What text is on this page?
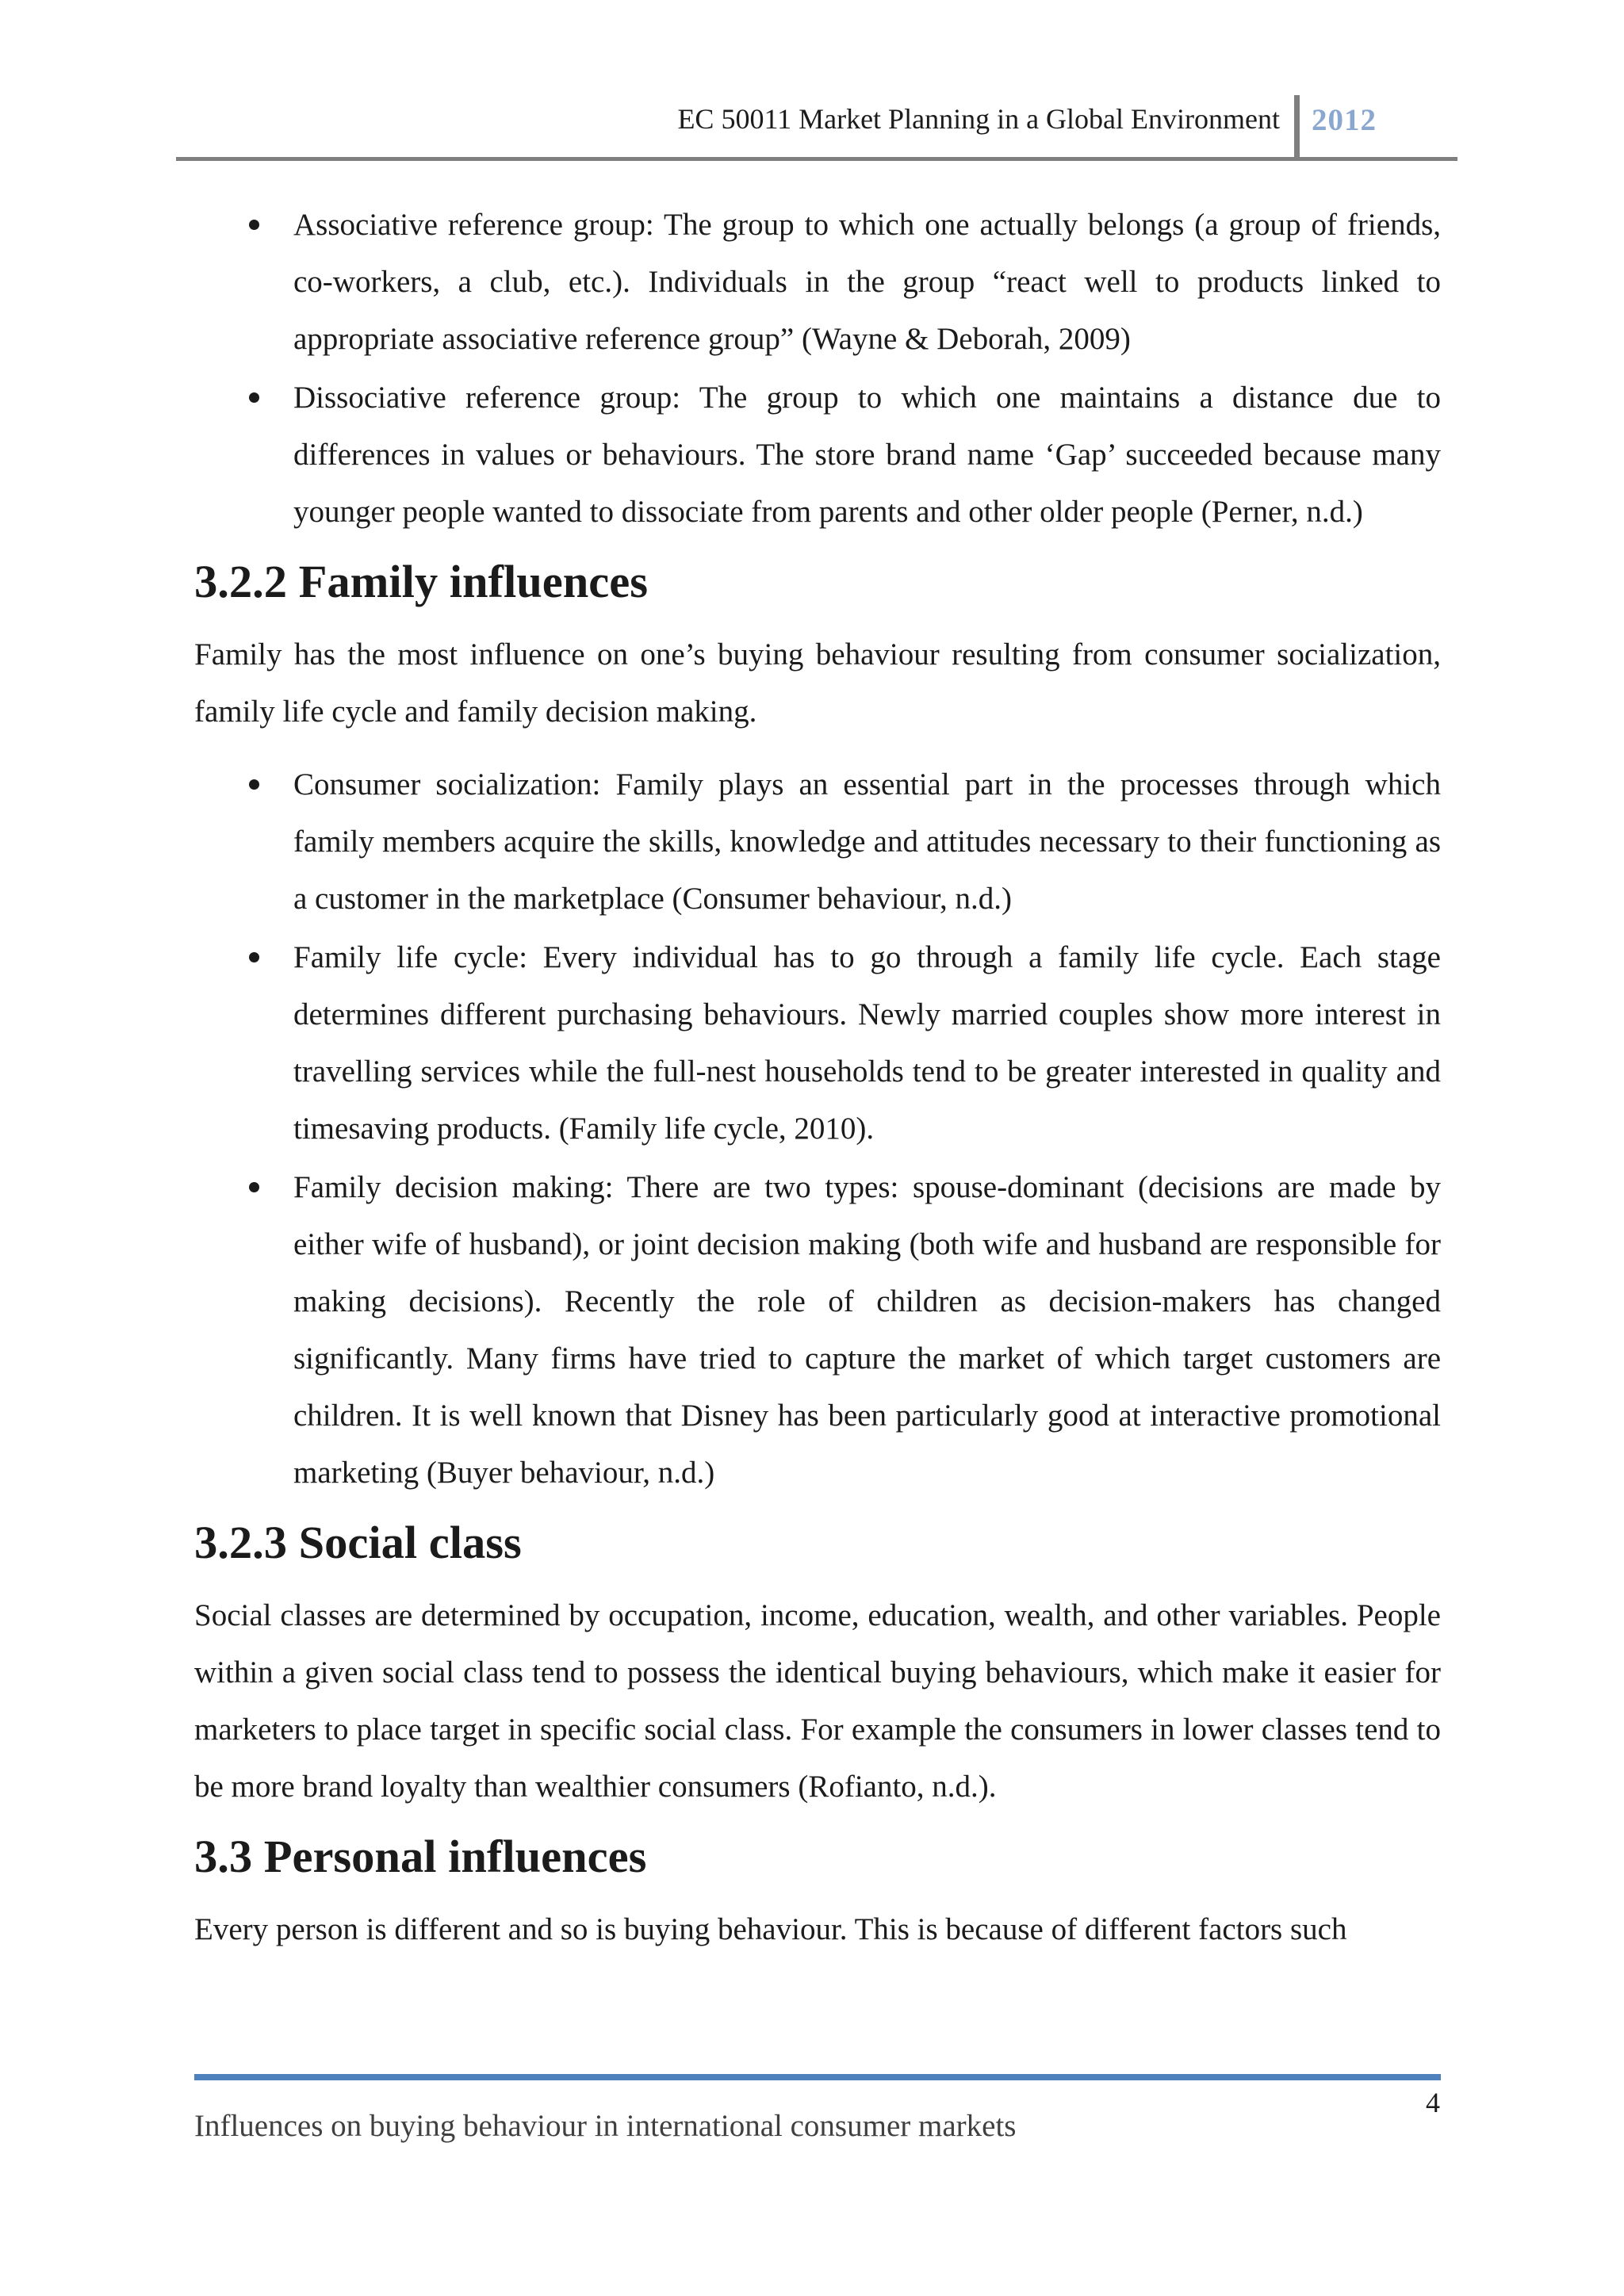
EC 50011 Market Planning in a Global Environment 2012
Associative reference group: The group to which one actually belongs (a group of friends, co-workers, a club, etc.). Individuals in the group “react well to products linked to appropriate associative reference group” (Wayne & Deborah, 2009)
Dissociative reference group: The group to which one maintains a distance due to differences in values or behaviours. The store brand name ‘Gap’ succeeded because many younger people wanted to dissociate from parents and other older people (Perner, n.d.)
3.2.2 Family influences

Family has the most influence on one’s buying behaviour resulting from consumer socialization, family life cycle and family decision making.

Consumer socialization: Family plays an essential part in the processes through which family members acquire the skills, knowledge and attitudes necessary to their functioning as a customer in the marketplace (Consumer behaviour, n.d.)
Family life cycle: Every individual has to go through a family life cycle. Each stage determines different purchasing behaviours. Newly married couples show more interest in travelling services while the full-nest households tend to be greater interested in quality and timesaving products. (Family life cycle, 2010).
Family decision making: There are two types: spouse-dominant (decisions are made by either wife of husband), or joint decision making (both wife and husband are responsible for making decisions). Recently the role of children as decision-makers has changed significantly. Many firms have tried to capture the market of which target customers are children. It is well known that Disney has been particularly good at interactive promotional marketing (Buyer behaviour, n.d.)
3.2.3 Social class

Social classes are determined by occupation, income, education, wealth, and other variables. People within a given social class tend to possess the identical buying behaviours, which make it easier for marketers to place target in specific social class. For example the consumers in lower classes tend to be more brand loyalty than wealthier consumers (Rofianto, n.d.).

3.3 Personal influences

Every person is different and so is buying behaviour. This is because of different factors such

4
Influences on buying behaviour in international consumer markets
